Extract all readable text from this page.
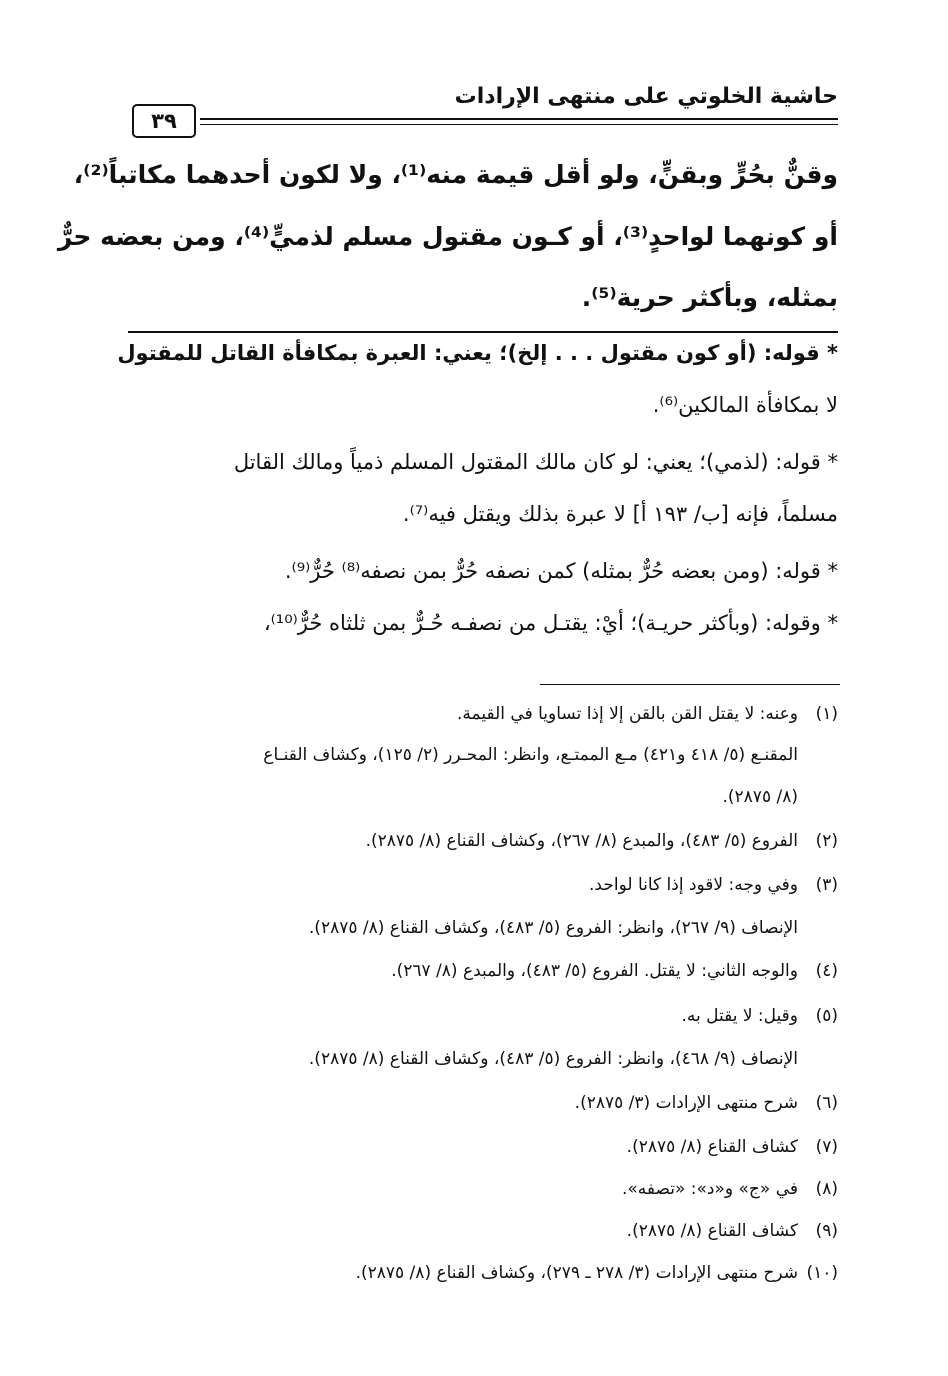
حاشية الخلوتي على منتهى الإرادات
٣٩
وقنٌّ بحُرٍّ وبقنٍّ، ولو أقل قيمة منه⁽¹⁾، ولا لكون أحدهما مكاتباً⁽²⁾،
أو كونهما لواحدٍ⁽³⁾، أو كـون مقتول مسلم لذميٍّ⁽⁴⁾، ومن بعضه حرٌّ
بمثله، وبأكثر حرية⁽⁵⁾.
* قوله: (أو كون مقتول . . . إلخ)؛ يعني: العبرة بمكافأة القاتل للمقتول
لا بمكافأة المالكين⁽⁶⁾.
* قوله: (لذمي)؛ يعني: لو كان مالك المقتول المسلم ذمياً ومالك القاتل
مسلماً، فإنه [ب/ ١٩٣ أ] لا عبرة بذلك ويقتل فيه⁽⁷⁾.
* قوله: (ومن بعضه حُرٌّ بمثله) كمن نصفه حُرٌّ بمن نصفه⁽⁸⁾ حُرٌّ⁽⁹⁾.
* وقوله: (وبأكثر حريـة)؛ أيْ: يقتـل من نصفـه حُـرٌّ بمن ثلثاه حُرٌّ⁽¹⁰⁾،
(١)وعنه: لا يقتل القن بالقن إلا إذا تساويا في القيمة.
المقنـع (٥/ ٤١٨ و٤٢١) مـع الممتـع، وانظر: المحـرر (٢/ ١٢٥)، وكشاف القنـاع
(٨/ ٢٨٧٥).
(٢)الفروع (٥/ ٤٨٣)، والمبدع (٨/ ٢٦٧)، وكشاف القناع (٨/ ٢٨٧٥).
(٣)وفي وجه: لاقود إذا كانا لواحد.
الإنصاف (٩/ ٢٦٧)، وانظر: الفروع (٥/ ٤٨٣)، وكشاف القناع (٨/ ٢٨٧٥).
(٤)والوجه الثاني: لا يقتل. الفروع (٥/ ٤٨٣)، والمبدع (٨/ ٢٦٧).
(٥)وقيل: لا يقتل به.
الإنصاف (٩/ ٤٦٨)، وانظر: الفروع (٥/ ٤٨٣)، وكشاف القناع (٨/ ٢٨٧٥).
(٦)شرح منتهى الإرادات (٣/ ٢٨٧٥).
(٧)كشاف القناع (٨/ ٢٨٧٥).
(٨)في «ج» و«د»: «تصفه».
(٩)كشاف القناع (٨/ ٢٨٧٥).
(١٠)شرح منتهى الإرادات (٣/ ٢٧٨ ـ ٢٧٩)، وكشاف القناع (٨/ ٢٨٧٥).
